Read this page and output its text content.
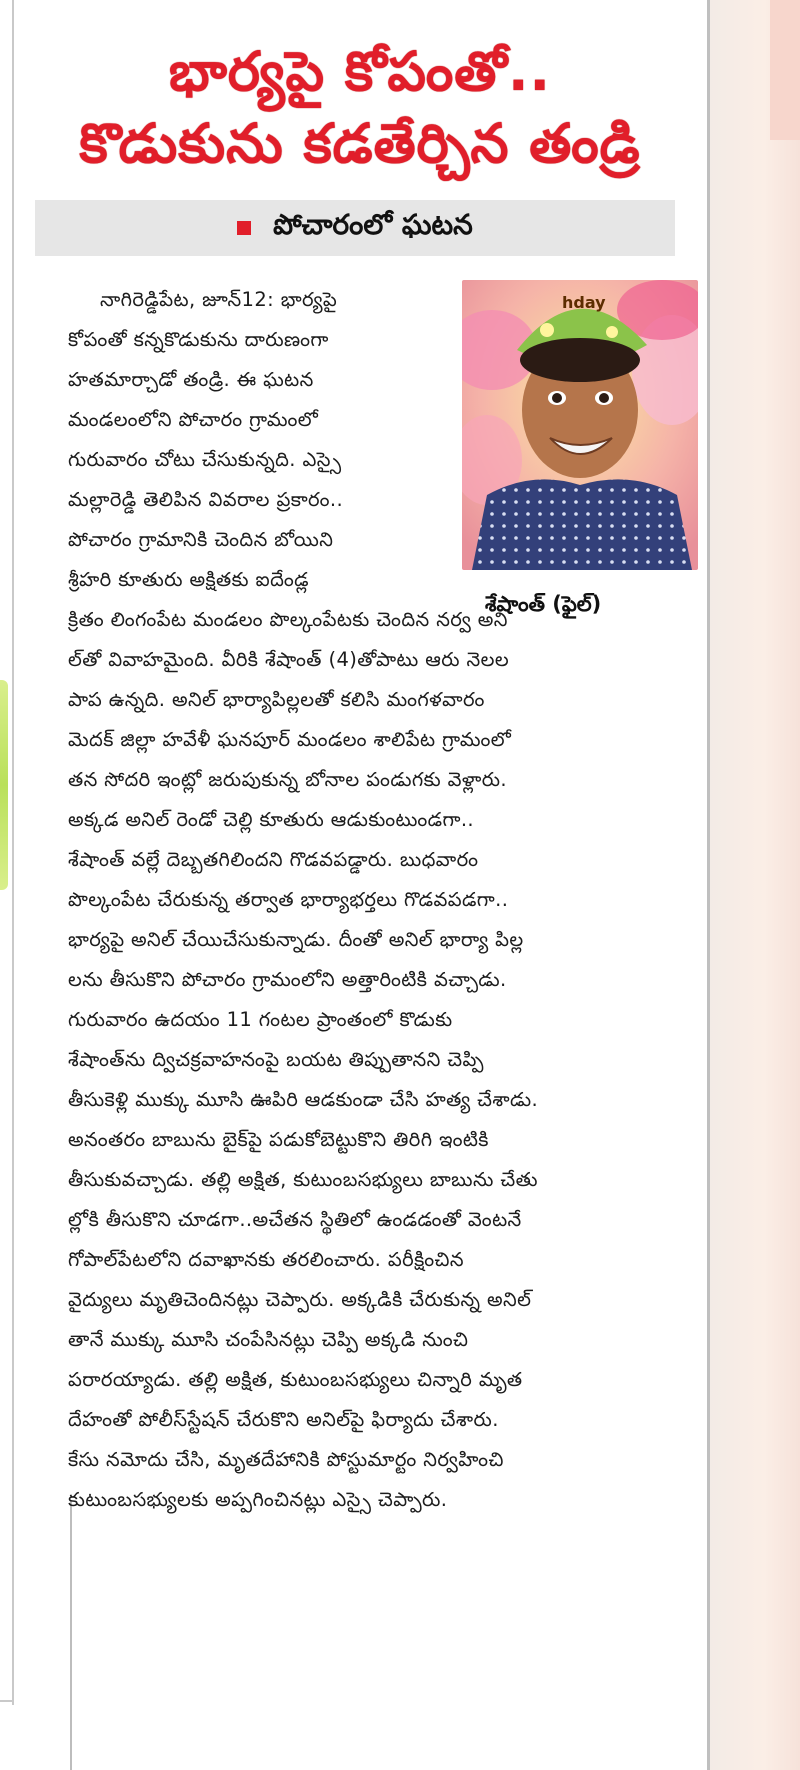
భార్యపై కోపంతో..
కొడుకును కడతేర్చిన తండ్రి
పోచారంలో ఘటన
hday
శేషాంత్ (ఫైల్)
నాగిరెడ్డిపేట, జూన్12: భార్యపై
కోపంతో కన్నకొడుకును దారుణంగా
హతమార్చాడో తండ్రి. ఈ ఘటన
మండలంలోని పోచారం గ్రామంలో
గురువారం చోటు చేసుకున్నది. ఎస్సై
మల్లారెడ్డి తెలిపిన వివరాల ప్రకారం..
పోచారం గ్రామానికి చెందిన బోయిని
శ్రీహరి కూతురు అక్షితకు ఐదేండ్ల
క్రితం లింగంపేట మండలం పొల్కంపేటకు చెందిన నర్వ అని
ల్‌తో వివాహమైంది. వీరికి శేషాంత్ (4)తోపాటు ఆరు నెలల
పాప ఉన్నది. అనిల్ భార్యాపిల్లలతో కలిసి మంగళవారం
మెదక్ జిల్లా హవేళీ ఘనపూర్ మండలం శాలిపేట గ్రామంలో
తన సోదరి ఇంట్లో జరుపుకున్న బోనాల పండుగకు వెళ్లారు.
అక్కడ అనిల్ రెండో చెల్లి కూతురు ఆడుకుంటుండగా..
శేషాంత్ వల్లే దెబ్బతగిలిందని గొడవపడ్డారు. బుధవారం
పొల్కంపేట చేరుకున్న తర్వాత భార్యాభర్తలు గొడవపడగా..
భార్యపై అనిల్ చేయిచేసుకున్నాడు. దీంతో అనిల్ భార్యా పిల్ల
లను తీసుకొని పోచారం గ్రామంలోని అత్తారింటికి వచ్చాడు.
గురువారం ఉదయం 11 గంటల ప్రాంతంలో కొడుకు
శేషాంత్‌ను ద్విచక్రవాహనంపై బయట తిప్పుతానని చెప్పి
తీసుకెళ్లి ముక్కు మూసి ఊపిరి ఆడకుండా చేసి హత్య చేశాడు.
అనంతరం బాబును బైక్‌పై పడుకోబెట్టుకొని తిరిగి ఇంటికి
తీసుకువచ్చాడు. తల్లి అక్షిత, కుటుంబసభ్యులు బాబును చేతు
ల్లోకి తీసుకొని చూడగా..అచేతన స్థితిలో ఉండడంతో వెంటనే
గోపాల్‌పేటలోని దవాఖానకు తరలించారు. పరీక్షించిన
వైద్యులు మృతిచెందినట్లు చెప్పారు. అక్కడికి చేరుకున్న అనిల్
తానే ముక్కు మూసి చంపేసినట్లు చెప్పి అక్కడి నుంచి
పరారయ్యాడు. తల్లి అక్షిత, కుటుంబసభ్యులు చిన్నారి మృత
దేహంతో పోలీస్‌స్టేషన్ చేరుకొని అనిల్‌పై ఫిర్యాదు చేశారు.
కేసు నమోదు చేసి, మృతదేహానికి పోస్టుమార్టం నిర్వహించి
కుటుంబసభ్యులకు అప్పగించినట్లు ఎస్సై చెప్పారు.
